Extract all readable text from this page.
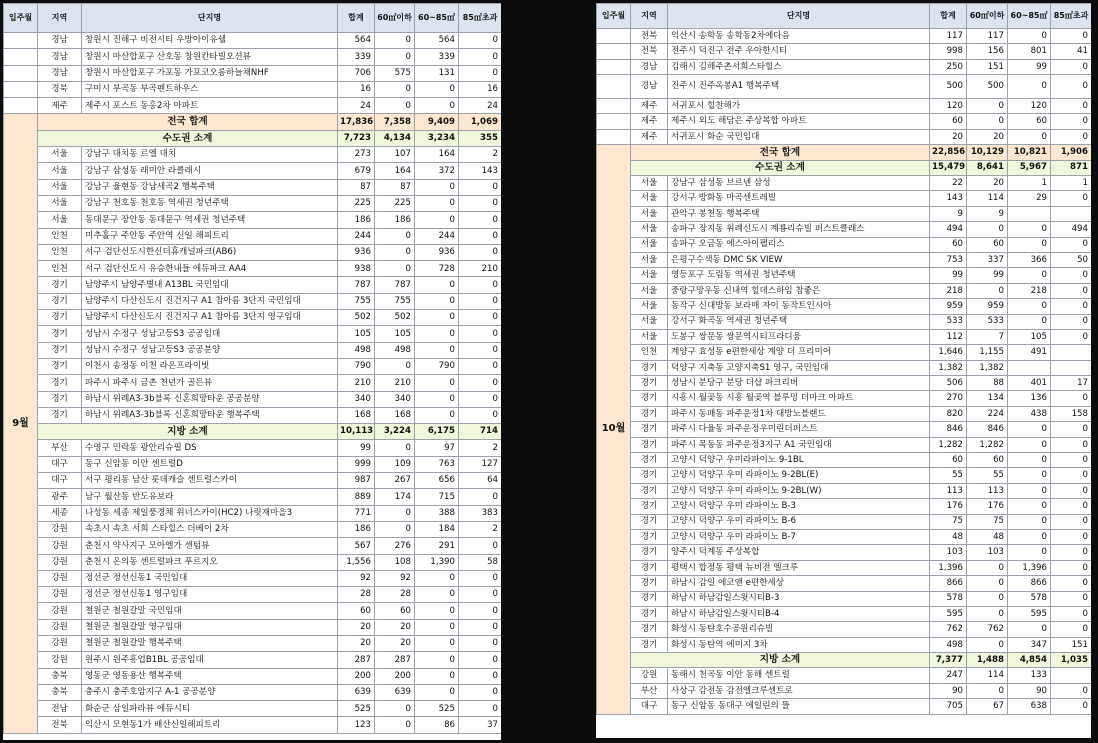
입주월	지역	단지명	합계	60㎡이하	60~85㎡	85㎡초과
	경남	창원시 진해구 비전시티 우방아이유쉘	564	0	564	0
	경남	창원시 마산합포구 산호동 창원칸타빌오션뷰	339	0	339	0
	경남	창원시 마산합포구 가포동 가포코오롱하늘채NHF	706	575	131	0
	경북	구미시 부곡동 부곡펜트하우스	16	0	0	16
	제주	제주시 포스트 동홍2차 아파트	24	0	0	24
9월	전국 합계		17,836	7,358	9,409	1,069
	수도권 소계		7,723	4,134	3,234	355
	서울	강남구 대치동 르엘 대치	273	107	164	2
	서울	강남구 삼성동 래미안 라클래시	679	164	372	143
	서울	강남구 율현동 강남세곡2 행복주택	87	87	0	0
	서울	강남구 천호동 천호동 역세권 청년주택	225	225	0	0
	서울	동대문구 장안동 동대문구 역세권 청년주택	186	186	0	0
	인천	미추홀구 주안동 주안역 신일 해피트리	244	0	244	0
	인천	서구 검단신도시한신더휴캐널파크(AB6)	936	0	936	0
	인천	서구 검단신도시 유승한내들 에듀파크 AA4	938	0	728	210
	경기	남양주시 남양주별내 A13BL 국민임대	787	787	0	0
	경기	남양주시 다산신도시 진건지구 A1 참아름 3단지 국민임대	755	755	0	0
	경기	남양주시 다산신도시 진건지구 A1 참아름 3단지 영구임대	502	502	0	0
	경기	성남시 수정구 성남고등S3 공공임대	105	105	0	0
	경기	성남시 수정구 성남고등S3 공공분양	498	498	0	0
	경기	이천시 송정동 이천 라온프라이빗	790	0	790	0
	경기	파주시 파주시 금촌 천년가 골든뷰	210	210	0	0
	경기	하남시 위례A3-3b블록 신혼희망타운 공공분양	340	340	0	0
	경기	하남시 위례A3-3b블록 신혼희망타운 행복주택	168	168	0	0
	지방 소계		10,113	3,224	6,175	714
	부산	수영구 민락동 광안리슈필 DS	99	0	97	2
	대구	동구 신암동 이안 센트럴D	999	109	763	127
	대구	서구 평리동 남산 롯데캐슬 센트럴스카이	987	267	656	64
	광주	남구 월산동 반도유보라	889	174	715	0
	세종	나성동 세종 제일풍경채 위너스카이(HC2) 나릿재마을3	771	0	388	383
	강원	속초시 속초 서희 스타힐스 더베이 2차	186	0	184	2
	강원	춘천시 약사지구 모아엘가 센텀뷰	567	276	291	0
	강원	춘천시 온의동 센트럴파크 푸르지오	1,556	108	1,390	58
	강원	정선군 정선신동1 국민임대	92	92	0	0
	강원	정선군 정선신동1 영구임대	28	28	0	0
	강원	철원군 철원갈말 국민임대	60	60	0	0
	강원	철원군 철원갈말 영구임대	20	20	0	0
	강원	철원군 철원갈말 행복주택	20	20	0	0
	강원	원주시 원주흥업B1BL 공공임대	287	287	0	0
	충북	영동군 영동용산 행복주택	200	200	0	0
	충북	충주시 충주호암지구 A-1 공공분양	639	639	0	0
	전남	화순군 삼일파라뷰 에듀시티	525	0	525	0
	전북	익산시 모현동1가 배산신일해피트리	123	0	86	37
입주월	지역	단지명	합계	60㎡이하	60~85㎡	85㎡초과
	전북	익산시 송학동 송학동2차에다음	117	117	0	0
	전북	전주시 덕진구 전주 우아한시티	998	156	801	41
	경남	김해시 김해주촌서희스타힐스	250	151	99	0
	경남	진주시 진주옥봉A1 행복주택	500	500	0	0
	제주	서귀포시 힐찬해가	120	0	120	0
	제주	제주시 외도 해담은 주상복합 아파트	60	0	60	0
	제주	서귀포시 화순 국민임대	20	20	0	0
10월	전국 합계		22,856	10,129	10,821	1,906
	수도권 소계		15,479	8,641	5,967	871
	서울	강남구 삼성동 브르넨 삼성	22	20	1	1
	서울	강서구 방화동 마곡센트레빌	143	114	29	0
	서울	관악구 봉천동 행복주택	9	9		
	서울	송파구 장지동 위례신도시 계룡리슈빌 퍼스트클래스	494	0	0	494
	서울	송파구 오금동 에스아이팰리스	60	60	0	0
	서울	은평구수색동 DMC SK VIEW	753	337	366	50
	서울	영등포구 도림동 역세권 청년주택	99	99	0	0
	서울	중랑구망우동 신내역 힐데스하임 참좋은	218	0	218	0
	서울	동작구 신대방동 보라매 자이 동작트인시아	959	959	0	0
	서울	강서구 화곡동 역세권 청년주택	533	533	0	0
	서울	도봉구 쌍문동 쌍문역시티프라디움	112	7	105	0
	인천	계양구 효성동 e편한세상 계양 더 프리미어	1,646	1,155	491	
	경기	덕양구 지축동 고양지축S1 영구, 국민임대	1,382	1,382		
	경기	성남시 분당구 분당 더샵 파크리버	506	88	401	17
	경기	시흥시 월곶동 시흥 월곶역 블루밍 더마크 아파트	270	134	136	0
	경기	파주시 동패동 파주운정1차 대방노블랜드	820	224	438	158
	경기	파주시 다율동 파주운정우미린더퍼스트	846	846	0	0
	경기	파주시 목동동 파주운정3지구 A1 국민임대	1,282	1,282	0	0
	경기	고양시 덕양구 우미라파이노 9-1BL	60	60	0	0
	경기	고양시 덕양구 우미 라파이노 9-2BL(E)	55	55	0	0
	경기	고양시 덕양구 우미 라파이노 9-2BL(W)	113	113	0	0
	경기	고양시 덕양구 우미 라파이노 B-3	176	176	0	0
	경기	고양시 덕양구 우미 라파이노 B-6	75	75	0	0
	경기	고양시 덕양구 우미 라파이노 B-7	48	48	0	0
	경기	양주시 덕계동 주상복합	103	103	0	0
	경기	평택시 합정동 평택 뉴비전 엘크루	1,396	0	1,396	0
	경기	하남시 감일 에코앤 e편한세상	866	0	866	0
	경기	하남시 하남감일스윗시티B-3	578	0	578	0
	경기	하남시 하남감일스윗시티B-4	595	0	595	0
	경기	화성시 동탄호수공원리슈빌	762	762	0	0
	경기	화성시 동탄역 에미지 3차	498	0	347	151
	지방 소계		7,377	1,488	4,854	1,035
	강원	동해시 천곡동 이안 동해 센트럴	247	114	133	
	부산	사상구 감전동 감전엘크루센트로	90	0	90	0
	대구	동구 신암동 동대구 에일린의 뜰	705	67	638	0
